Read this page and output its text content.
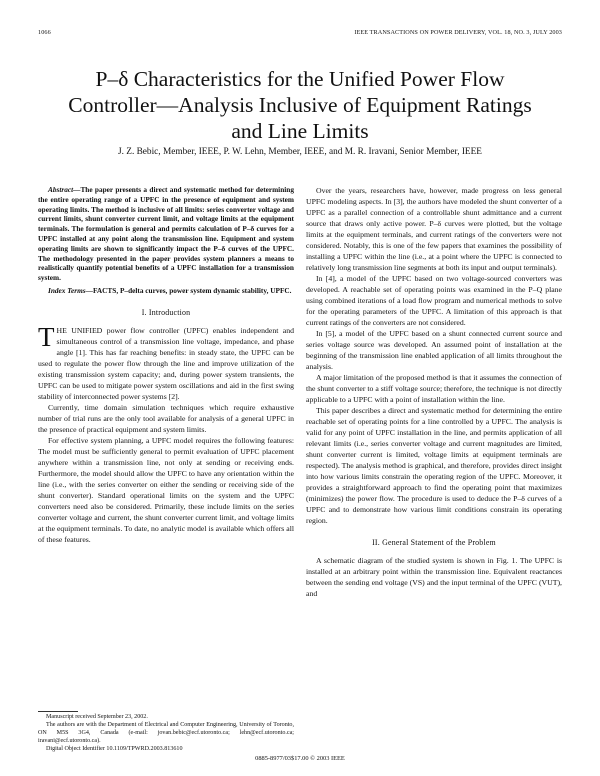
1066	IEEE TRANSACTIONS ON POWER DELIVERY, VOL. 18, NO. 3, JULY 2003
P–δ Characteristics for the Unified Power Flow
Controller—Analysis Inclusive of Equipment Ratings
and Line Limits
J. Z. Bebic, Member, IEEE, P. W. Lehn, Member, IEEE, and M. R. Iravani, Senior Member, IEEE

Abstract—The paper presents a direct and systematic method for determining the entire operating range of a UPFC in the presence of equipment and system operating limits. The method is inclusive of all limits: series converter voltage and current limits, shunt converter current limit, and voltage limits at the equipment terminals. The formulation is general and permits calculation of P–δ curves for a UPFC installed at any point along the transmission line. Equipment and system operating limits are shown to significantly impact the P–δ curves of the UPFC. The methodology presented in the paper provides system planners a means to realistically quantify potential benefits of a UPFC installation for a transmission system.

Index Terms—FACTS, P–delta curves, power system dynamic stability, UPFC.

I. Introduction

THE UNIFIED power flow controller (UPFC) enables independent and simultaneous control of a transmission line voltage, impedance, and phase angle [1]. This has far reaching benefits: in steady state, the UPFC can be used to regulate the power flow through the line and improve utilization of the existing transmission system capacity; and, during power system transients, the UPFC can be used to mitigate power system oscillations and aid in the first swing stability of interconnected power systems [2].

Currently, time domain simulation techniques which require exhaustive number of trial runs are the only tool available for analysis of a general UPFC in the presence of practical equipment and system limits.

For effective system planning, a UPFC model requires the following features: The model must be sufficiently general to permit evaluation of UPFC placement anywhere within a transmission line, not only at sending or receiving ends. Furthermore, the model should allow the UPFC to have any orientation within the line (i.e., with the series converter on either the sending or receiving side of the shunt converter). Standard operational limits on the system and the UPFC converters need also be considered. Primarily, these include limits on the series converter voltage and current, the shunt converter current limit, and voltage limits at the equipment terminals. To date, no analytic model is available which offers all of these features.

Manuscript received September 23, 2002.

The authors are with the Department of Electrical and Computer Engineering, University of Toronto, ON M5S 3G4, Canada (e-mail: jovan.bebic@ecf.utoronto.ca; lehn@ecf.utoronto.ca; iravani@ecf.utoronto.ca).

Digital Object Identifier 10.1109/TPWRD.2003.813610

Over the years, researchers have, however, made progress on less general UPFC modeling aspects. In [3], the authors have modeled the shunt converter of a UPFC as a parallel connection of a controllable shunt admittance and a current source that draws only active power. P–δ curves were plotted, but the voltage limits at the equipment terminals, and current ratings of the converters were not considered. Notably, this is one of the few papers that examines the possibility of installing a UPFC within the line (i.e., at a point where the UPFC is connected to relatively long transmission line segments at both its input and output terminals).

In [4], a model of the UPFC based on two voltage-sourced converters was developed. A reachable set of operating points was examined in the P–Q plane using combined iterations of a load flow program and numerical methods to solve for the operating parameters of the UPFC. A limitation of this approach is that current ratings of the converters are not considered.

In [5], a model of the UPFC based on a shunt connected current source and series voltage source was developed. An assumed point of installation at the beginning of the transmission line enabled application of all limits throughout the analysis.

A major limitation of the proposed method is that it assumes the connection of the shunt converter to a stiff voltage source; therefore, the technique is not directly applicable to a UPFC with a point of installation within the line.

This paper describes a direct and systematic method for determining the entire reachable set of operating points for a line controlled by a UPFC. The analysis is valid for any point of UPFC installation in the line, and permits application of all relevant limits (i.e., series converter voltage and current magnitudes are limited, shunt converter current is limited, voltage limits at equipment terminals are respected). The analysis method is graphical, and therefore, provides direct insight into how various limits constrain the operating region of the UPFC. Moreover, it provides a straightforward approach to find the operating point that maximizes (minimizes) the power flow. The procedure is used to deduce the P–δ curves of a UPFC and to demonstrate how various limit conditions constrain its operating region.

II. General Statement of the Problem

A schematic diagram of the studied system is shown in Fig. 1. The UPFC is installed at an arbitrary point within the transmission line. Equivalent reactances between the sending end voltage (VS) and the input terminal of the UPFC (VUT), and

0885-8977/03$17.00 © 2003 IEEE
